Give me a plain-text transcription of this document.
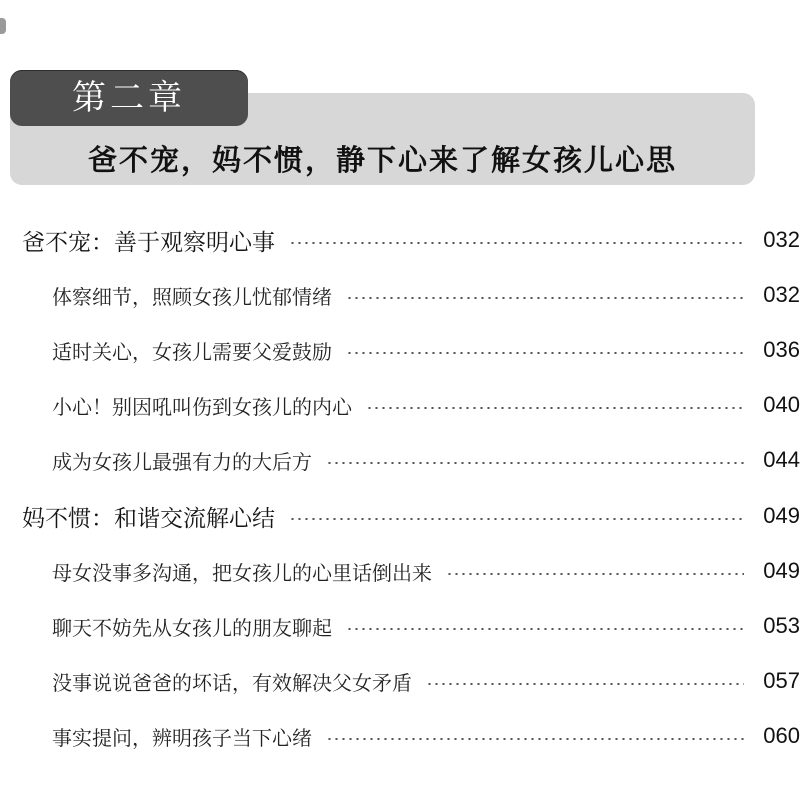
第二章
爸不宠，妈不惯，静下心来了解女孩儿心思
爸不宠：善于观察明心事	032
体察细节，照顾女孩儿忧郁情绪	032
适时关心，女孩儿需要父爱鼓励	036
小心！别因吼叫伤到女孩儿的内心	040
成为女孩儿最强有力的大后方	044
妈不惯：和谐交流解心结	049
母女没事多沟通，把女孩儿的心里话倒出来	049
聊天不妨先从女孩儿的朋友聊起	053
没事说说爸爸的坏话，有效解决父女矛盾	057
事实提问，辨明孩子当下心绪	060
